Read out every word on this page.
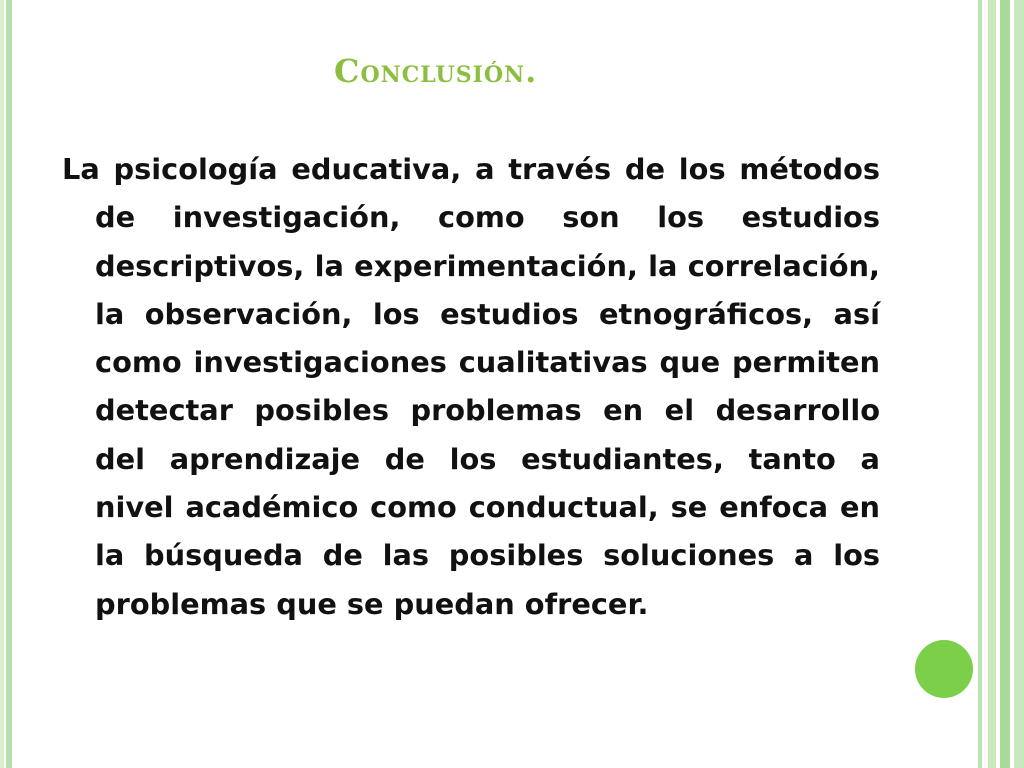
Conclusión.

La psicología educativa, a través de los métodos de investigación, como son los estudios descriptivos, la experimentación, la correlación, la observación, los estudios etnográficos, así como investigaciones cualitativas que permiten detectar posibles problemas en el desarrollo del aprendizaje de los estudiantes, tanto a nivel académico como conductual, se enfoca en la búsqueda de las posibles soluciones a los problemas que se puedan ofrecer.
